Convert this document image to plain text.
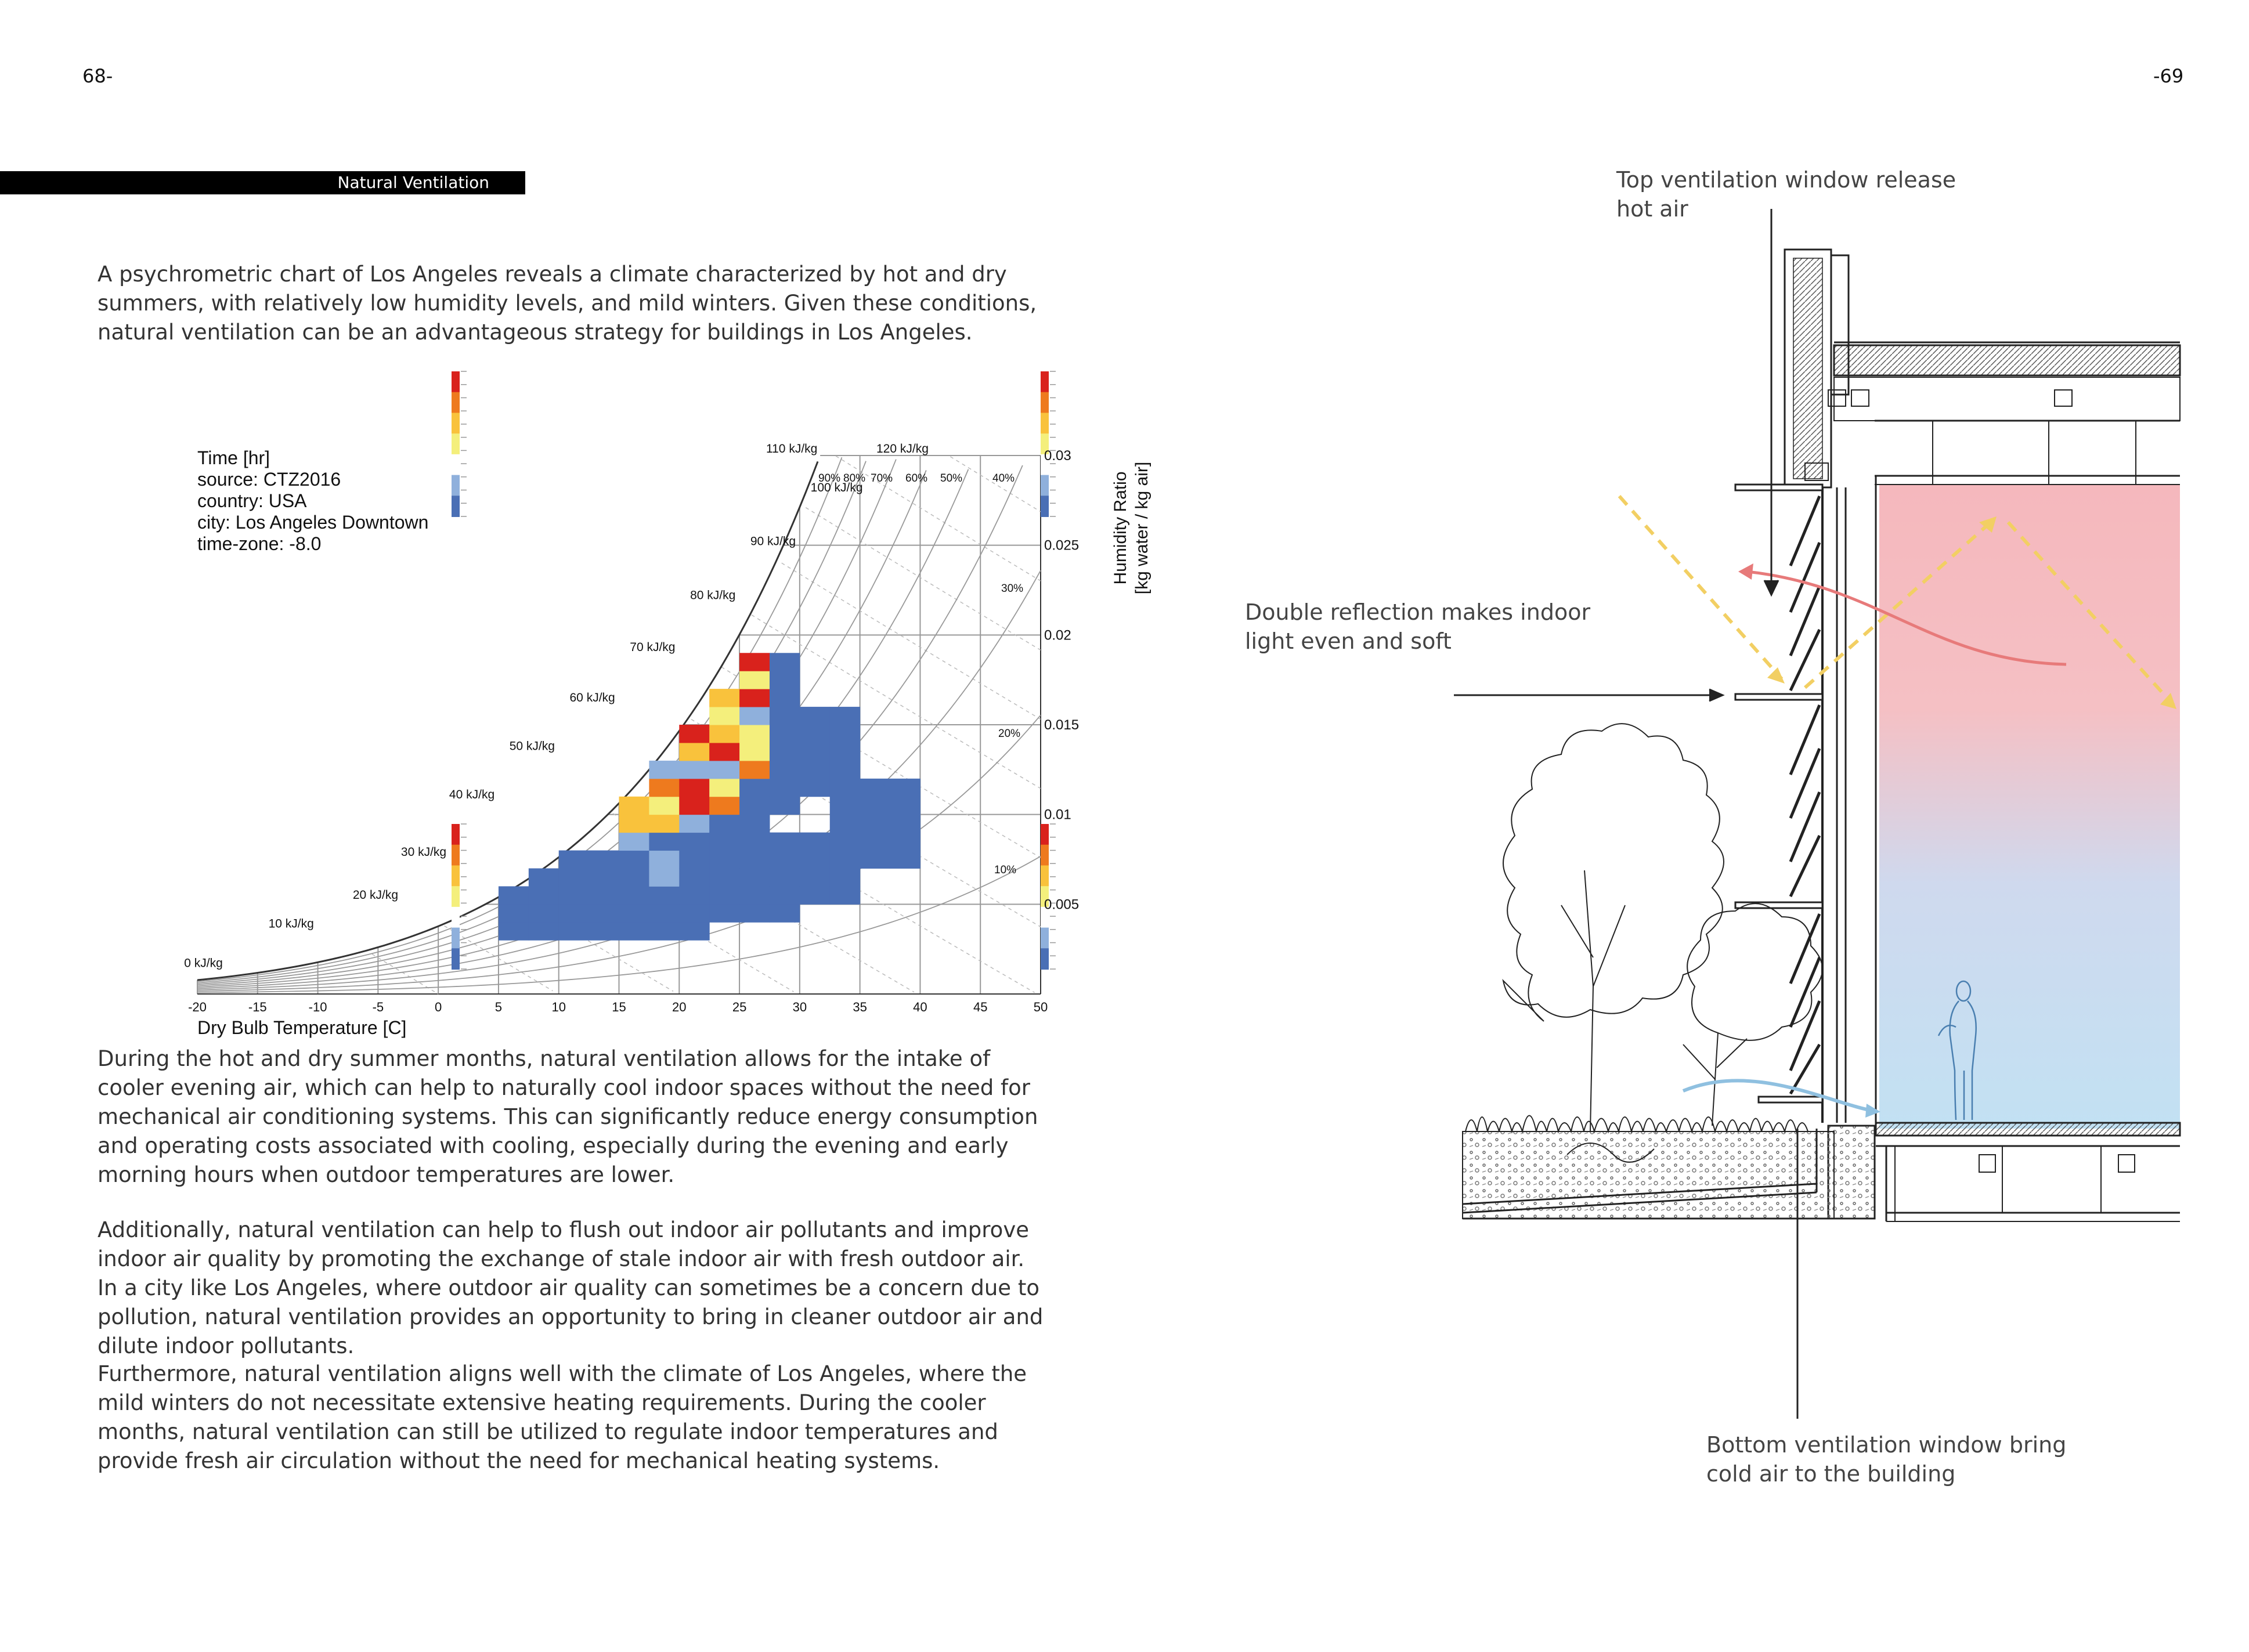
68-	-69
Natural Ventilation
A psychrometric chart of Los Angeles reveals a climate characterized by hot and dry summers, with relatively low humidity levels, and mild winters. Given these conditions, natural ventilation can be an advantageous strategy for buildings in Los Angeles.
During the hot and dry summer months, natural ventilation allows for the intake of cooler evening air, which can help to naturally cool indoor spaces without the need for mechanical air conditioning systems. This can significantly reduce energy consumption and operating costs associated with cooling, especially during the evening and early morning hours when outdoor temperatures are lower.
Additionally, natural ventilation can help to flush out indoor air pollutants and improve indoor air quality by promoting the exchange of stale indoor air with fresh outdoor air. In a city like Los Angeles, where outdoor air quality can sometimes be a concern due to pollution, natural ventilation provides an opportunity to bring in cleaner outdoor air and dilute indoor pollutants.
Furthermore, natural ventilation aligns well with the climate of Los Angeles, where the mild winters do not necessitate extensive heating requirements. During the cooler months, natural ventilation can still be utilized to regulate indoor temperatures and provide fresh air circulation without the need for mechanical heating systems.
Time [hr]
source: CTZ2016
country: USA
city: Los Angeles Downtown
time-zone: -8.0
-20	-15	-10	-5	0	5	10	15	20	25	30	35	40	45	50
0.005
0.01
0.015
0.02
0.025
0.03
Dry Bulb Temperature [C]
Humidity Ratio [kg water / kg air]
0 kJ/kg
10 kJ/kg
20 kJ/kg
30 kJ/kg
40 kJ/kg
50 kJ/kg
60 kJ/kg
70 kJ/kg
80 kJ/kg
90 kJ/kg
100 kJ/kg
110 kJ/kg	120 kJ/kg
90% 80% 70% 60% 50%	40%
30%
20%
10%
Top ventilation window release
hot air
Double reflection makes indoor
light even and soft
Bottom ventilation window bring
cold air to the building
